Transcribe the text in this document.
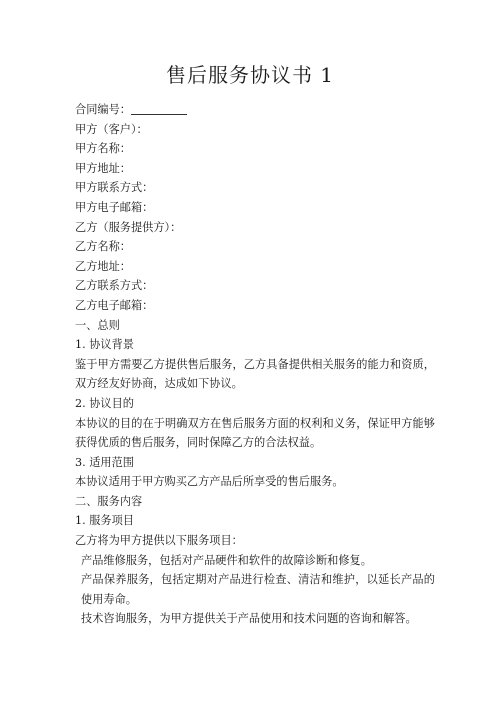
售后服务协议书 1
合同编号：
甲方（客户）：
甲方名称：
甲方地址：
甲方联系方式：
甲方电子邮箱：
乙方（服务提供方）：
乙方名称：
乙方地址：
乙方联系方式：
乙方电子邮箱：
一、总则
1. 协议背景
鉴于甲方需要乙方提供售后服务，乙方具备提供相关服务的能力和资质，双方经友好协商，达成如下协议。
2. 协议目的
本协议的目的在于明确双方在售后服务方面的权利和义务，保证甲方能够获得优质的售后服务，同时保障乙方的合法权益。
3. 适用范围
本协议适用于甲方购买乙方产品后所享受的售后服务。
二、服务内容
1. 服务项目
乙方将为甲方提供以下服务项目：
产品维修服务，包括对产品硬件和软件的故障诊断和修复。
产品保养服务，包括定期对产品进行检查、清洁和维护，以延长产品的使用寿命。
技术咨询服务，为甲方提供关于产品使用和技术问题的咨询和解答。
